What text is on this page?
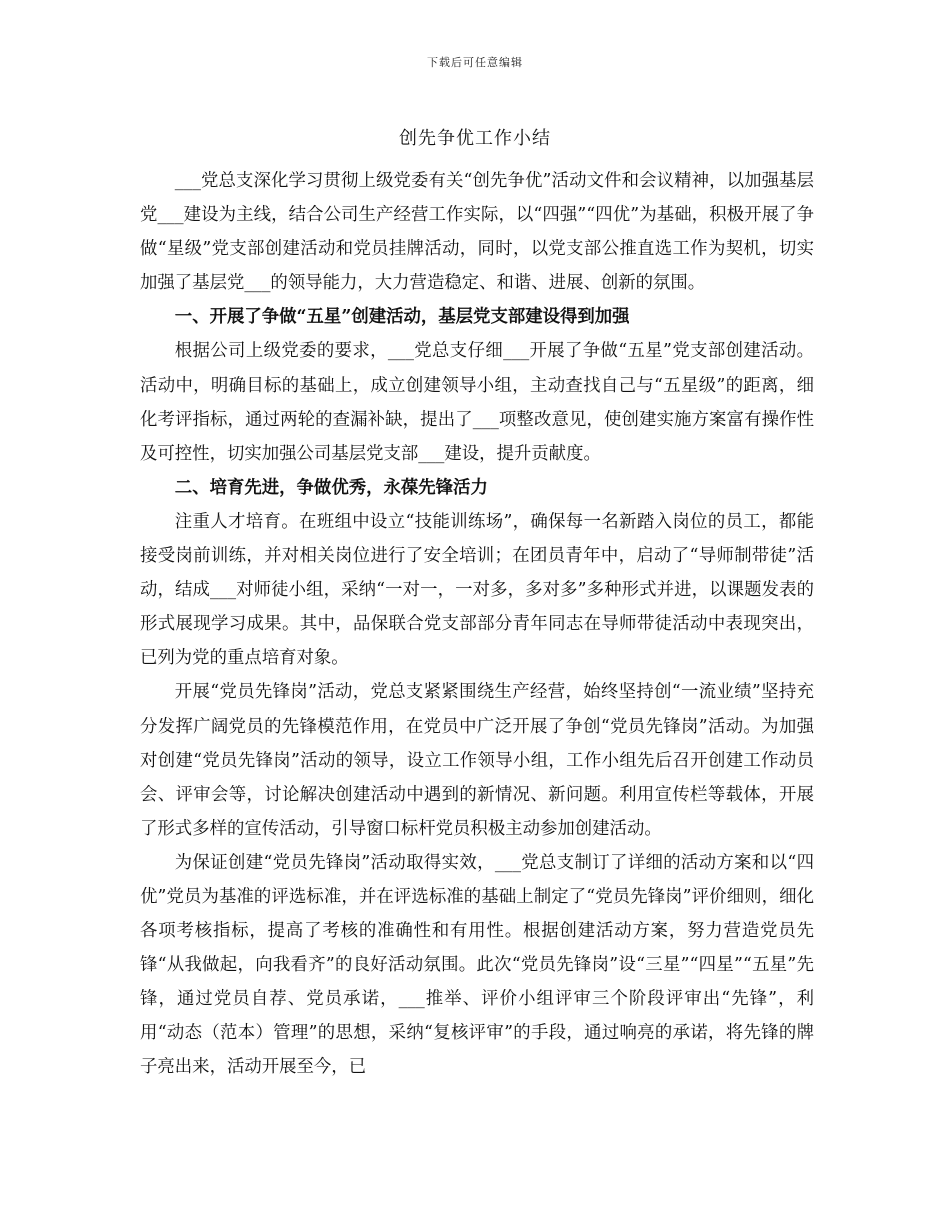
下载后可任意编辑
创先争优工作小结

___党总支深化学习贯彻上级党委有关“创先争优”活动文件和会议精神，以加强基层党___建设为主线，结合公司生产经营工作实际，以“四强”“四优”为基础，积极开展了争做“星级”党支部创建活动和党员挂牌活动，同时，以党支部公推直选工作为契机，切实加强了基层党___的领导能力，大力营造稳定、和谐、进展、创新的氛围。

一、开展了争做“五星”创建活动，基层党支部建设得到加强

根据公司上级党委的要求，___党总支仔细___开展了争做“五星”党支部创建活动。活动中，明确目标的基础上，成立创建领导小组，主动查找自己与“五星级”的距离，细化考评指标，通过两轮的查漏补缺，提出了___项整改意见，使创建实施方案富有操作性及可控性，切实加强公司基层党支部___建设，提升贡献度。

二、培育先进，争做优秀，永葆先锋活力

注重人才培育。在班组中设立“技能训练场”，确保每一名新踏入岗位的员工，都能接受岗前训练，并对相关岗位进行了安全培训；在团员青年中，启动了“导师制带徒”活动，结成___对师徒小组，采纳“一对一，一对多，多对多”多种形式并进，以课题发表的形式展现学习成果。其中，品保联合党支部部分青年同志在导师带徒活动中表现突出，已列为党的重点培育对象。

开展“党员先锋岗”活动，党总支紧紧围绕生产经营，始终坚持创“一流业绩”坚持充分发挥广阔党员的先锋模范作用，在党员中广泛开展了争创“党员先锋岗”活动。为加强对创建“党员先锋岗”活动的领导，设立工作领导小组，工作小组先后召开创建工作动员会、评审会等，讨论解决创建活动中遇到的新情况、新问题。利用宣传栏等载体，开展了形式多样的宣传活动，引导窗口标杆党员积极主动参加创建活动。

为保证创建“党员先锋岗”活动取得实效，___党总支制订了详细的活动方案和以“四优”党员为基准的评选标准，并在评选标准的基础上制定了“党员先锋岗”评价细则，细化各项考核指标，提高了考核的准确性和有用性。根据创建活动方案，努力营造党员先锋“从我做起，向我看齐”的良好活动氛围。此次“党员先锋岗”设“三星”“四星”“五星”先锋，通过党员自荐、党员承诺，___推举、评价小组评审三个阶段评审出“先锋”，利用“动态（范本）管理”的思想，采纳“复核评审”的手段，通过响亮的承诺，将先锋的牌子亮出来，活动开展至今，已
